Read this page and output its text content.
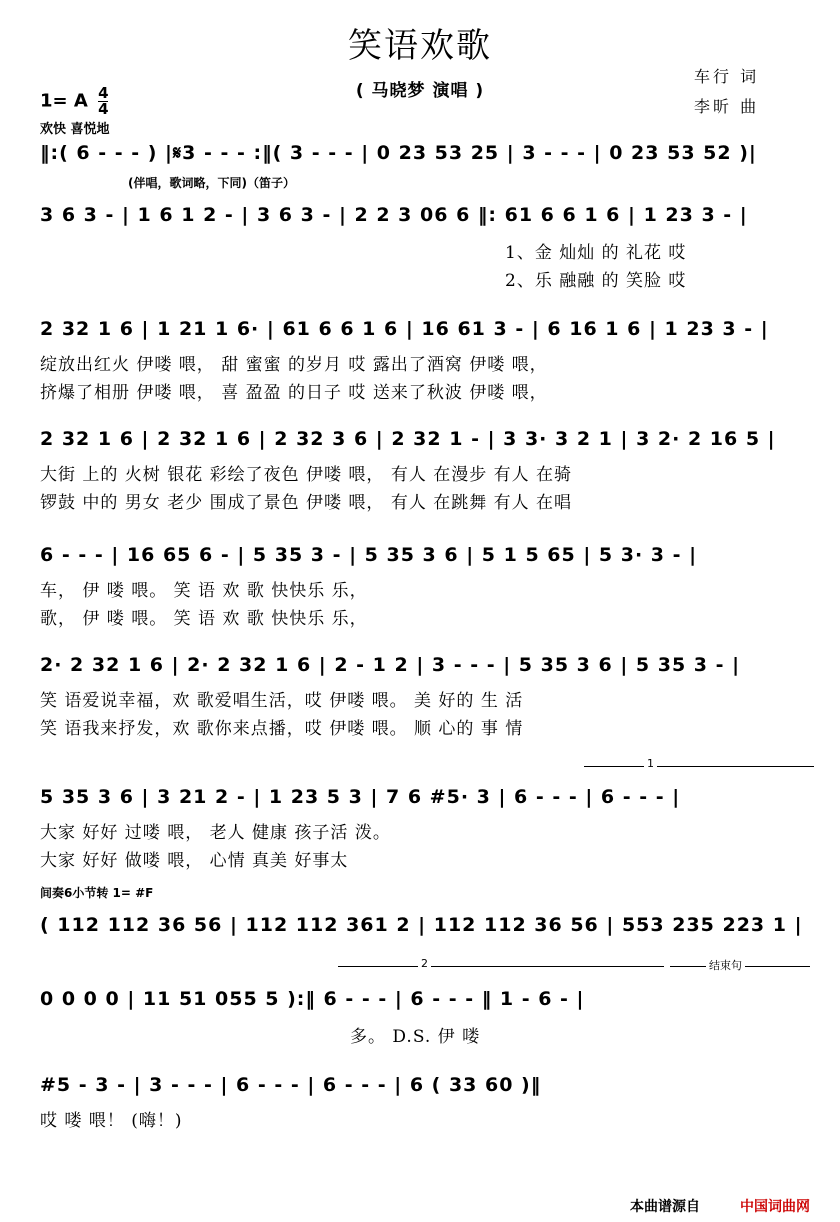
笑语欢歌
( 马晓梦 演唱 )
1= A $\frac{4}{4}$
欢快 喜悦地
车行 词
李昕 曲
‖:( 6 - - - ) |𝄋3 - - - :‖( 3 - - - | 0 23 53 25 | 3 - - - | 0 23 53 52 )|
(伴唱，歌词略，下同)（笛子）
3 6 3 - | 1 6 1 2 - | 3 6 3 - | 2 2 3 06 6 ‖: 61 6 6 1 6 | 1 23 3 - |
1、金 灿灿 的 礼花 哎
2、乐 融融 的 笑脸 哎
2 32 1 6 | 1 21 1 6· | 61 6 6 1 6 | 16 61 3 - | 6 16 1 6 | 1 23 3 - |
绽放出红火 伊喽 喂， 甜 蜜蜜 的岁月 哎 露出了酒窝 伊喽 喂，
挤爆了相册 伊喽 喂， 喜 盈盈 的日子 哎 送来了秋波 伊喽 喂，
2 32 1 6 | 2 32 1 6 | 2 32 3 6 | 2 32 1 - | 3 3· 3 2 1 | 3 2· 2 16 5 |
大街 上的 火树 银花 彩绘了夜色 伊喽 喂， 有人 在漫步 有人 在骑
锣鼓 中的 男女 老少 围成了景色 伊喽 喂， 有人 在跳舞 有人 在唱
6 - - - | 16 65 6 - | 5 35 3 - | 5 35 3 6 | 5 1 5 65 | 5 3· 3 - |
车， 伊 喽 喂。 笑 语 欢 歌 快快乐 乐，
歌， 伊 喽 喂。 笑 语 欢 歌 快快乐 乐，
2· 2 32 1 6 | 2· 2 32 1 6 | 2 - 1 2 | 3 - - - | 5 35 3 6 | 5 35 3 - |
笑 语爱说幸福，欢 歌爱唱生活，哎 伊喽 喂。 美 好的 生 活
笑 语我来抒发，欢 歌你来点播，哎 伊喽 喂。 顺 心的 事 情
1
5 35 3 6 | 3 21 2 - | 1 23 5 3 | 7 6 #5· 3 | 6 - - - | 6 - - - |
大家 好好 过喽 喂， 老人 健康 孩子活 泼。
大家 好好 做喽 喂， 心情 真美 好事太
间奏6小节转 1= #F
( 112 112 36 56 | 112 112 361 2 | 112 112 36 56 | 553 235 223 1 |
2	结束句
0 0 0 0 | 11 51 055 5 ):‖ 6 - - - | 6 - - - ‖ 1 - 6 - |
多。 D.S. 伊 喽
#5 - 3 - | 3 - - - | 6 - - - | 6 - - - | 6 ( 33 60 )‖
哎 喽 喂！ (嗨！)
本曲谱源自	中国词曲网
